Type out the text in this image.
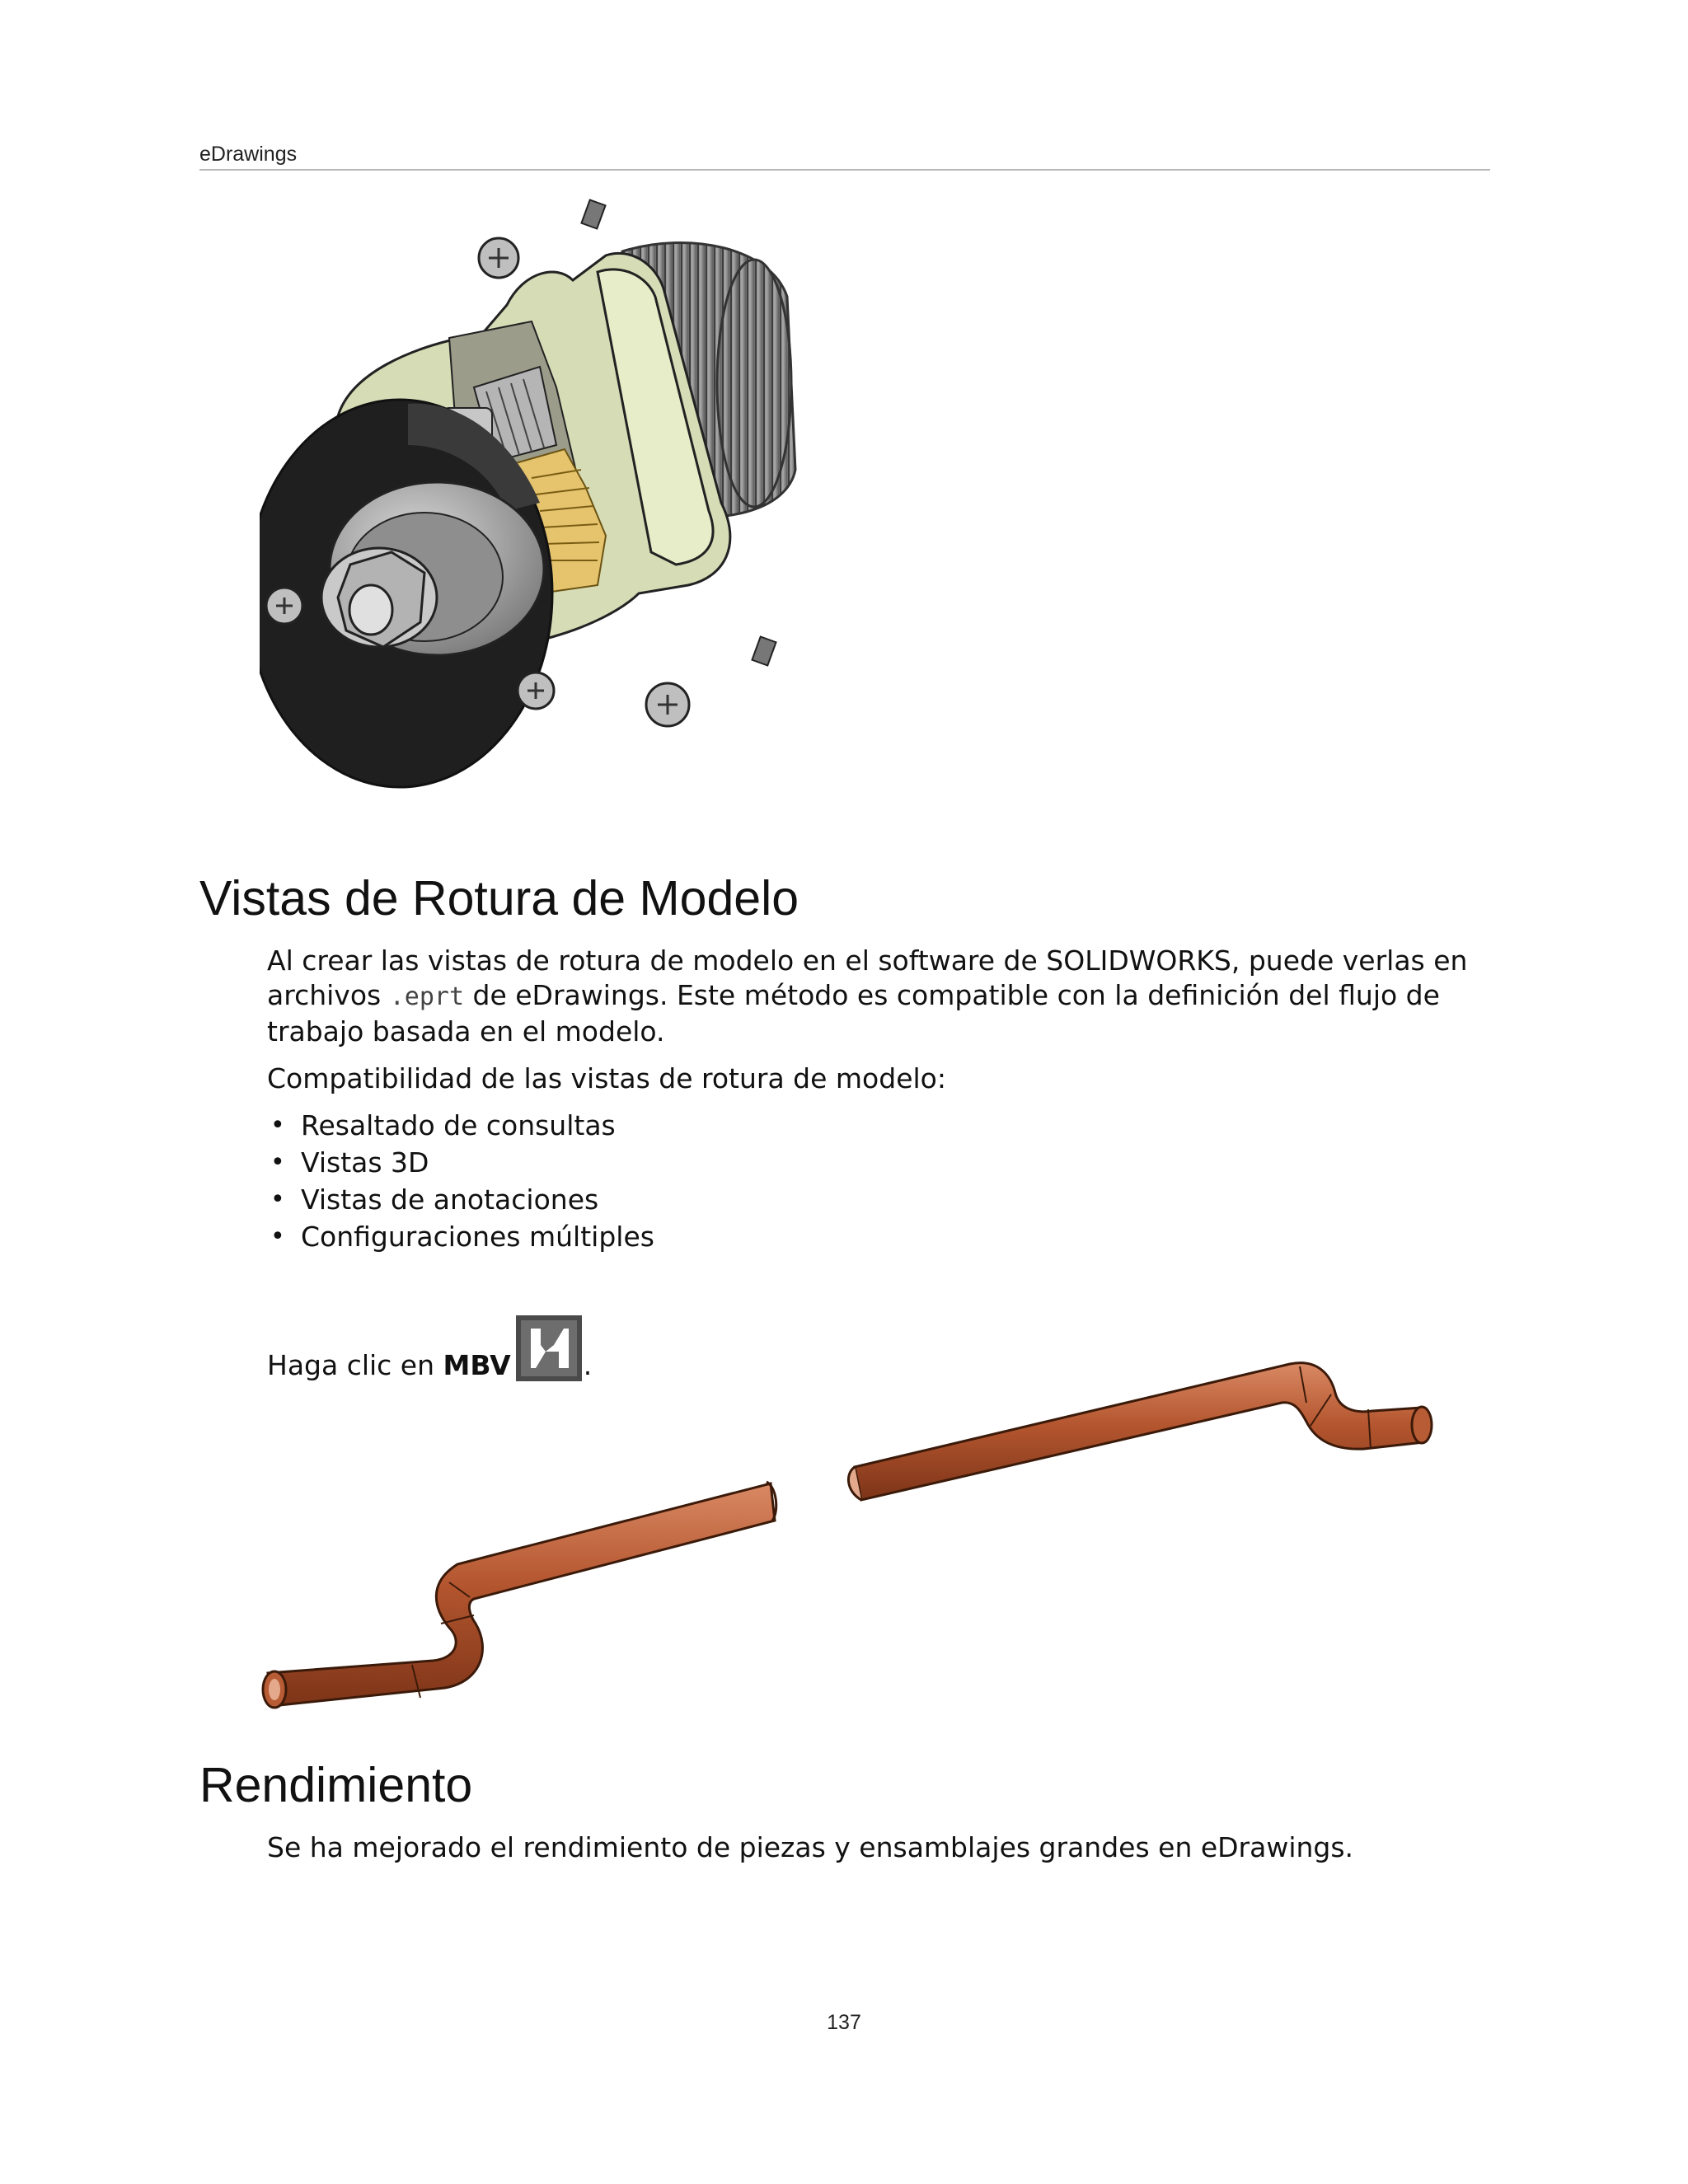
eDrawings
Vistas de Rotura de Modelo

Al crear las vistas de rotura de modelo en el software de SOLIDWORKS, puede verlas en
archivos .eprt de eDrawings. Este método es compatible con la definición del flujo de
trabajo basada en el modelo.

Compatibilidad de las vistas de rotura de modelo:

• Resaltado de consultas
• Vistas 3D
• Vistas de anotaciones
• Configuraciones múltiples

Haga clic en MBV	.

Rendimiento

Se ha mejorado el rendimiento de piezas y ensamblajes grandes en eDrawings.

137
